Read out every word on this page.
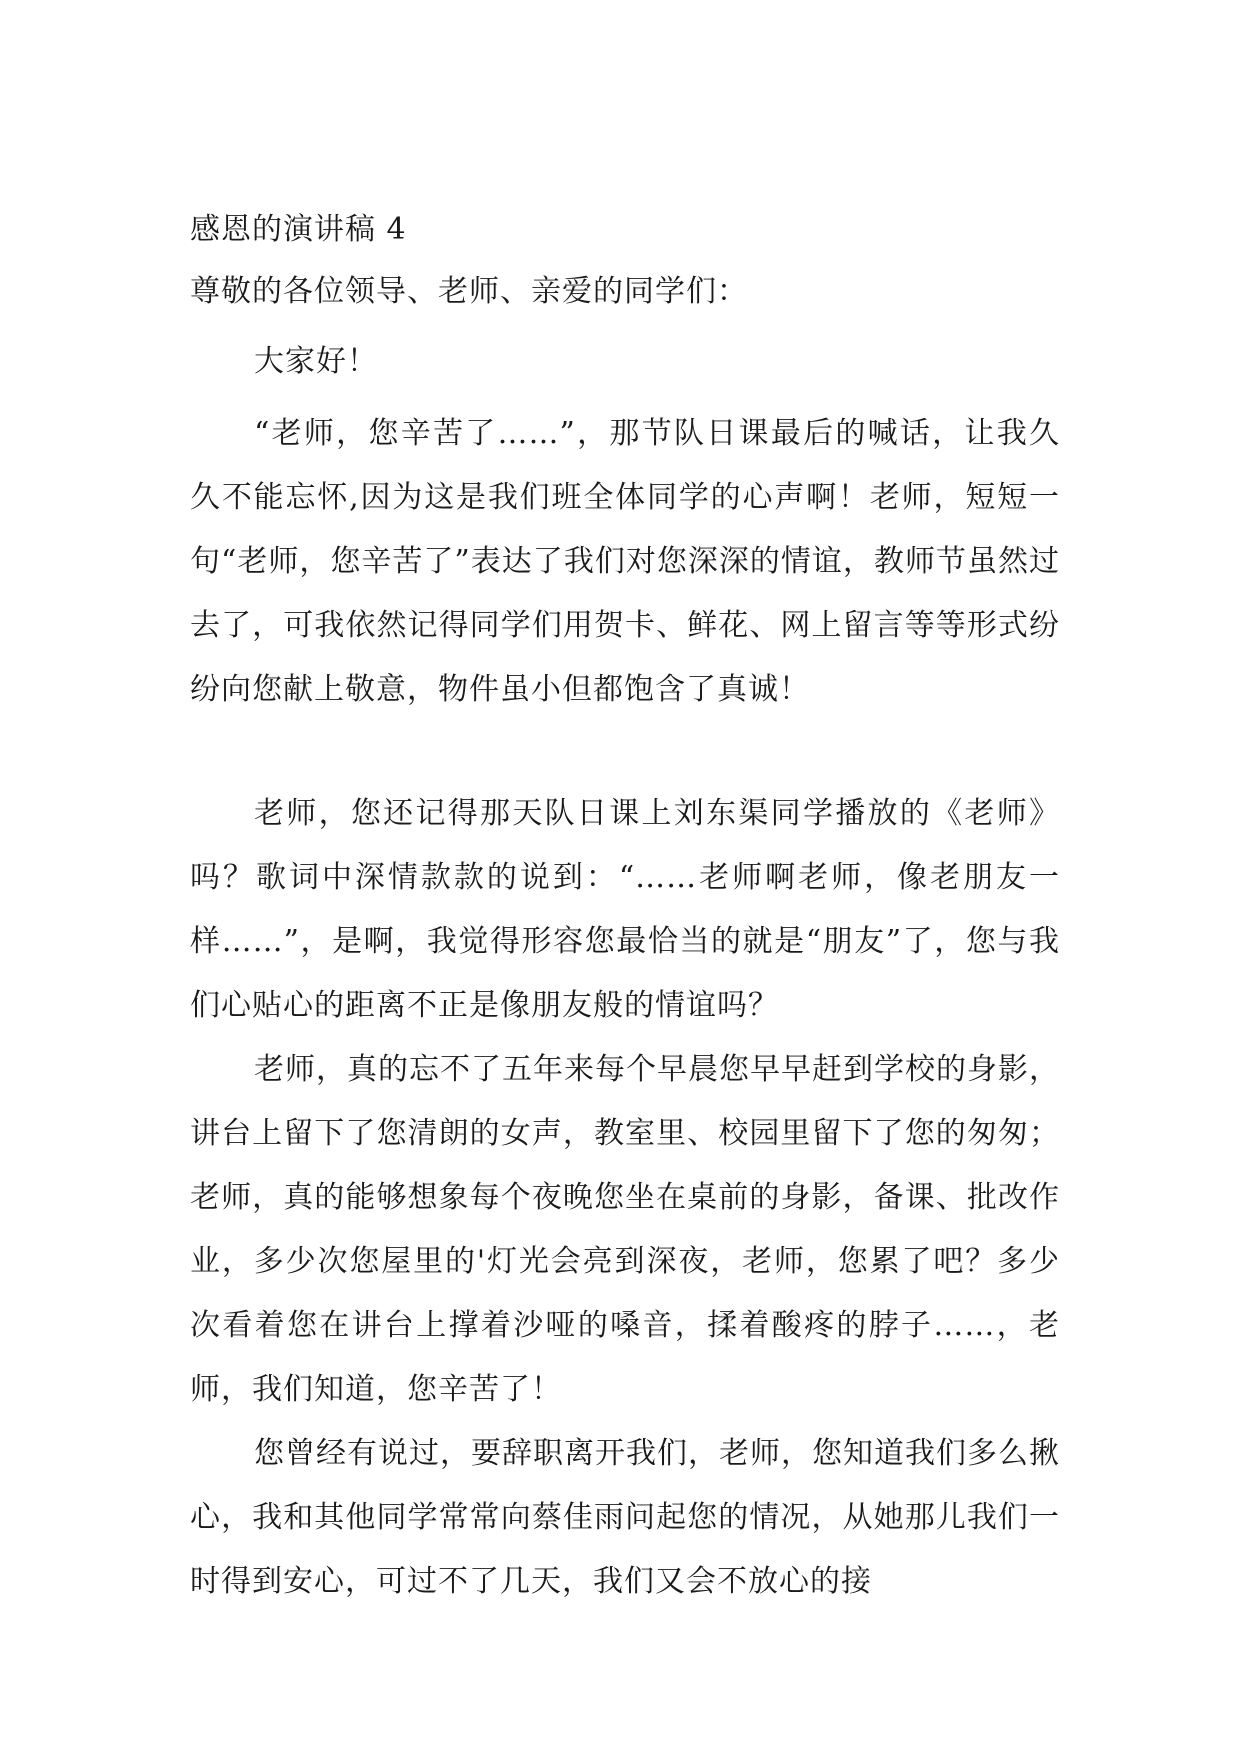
感恩的演讲稿 4
尊敬的各位领导、老师、亲爱的同学们：
大家好！

“老师，您辛苦了……”，那节队日课最后的喊话，让我久久不能忘怀,因为这是我们班全体同学的心声啊！老师，短短一句“老师，您辛苦了”表达了我们对您深深的情谊，教师节虽然过去了，可我依然记得同学们用贺卡、鲜花、网上留言等等形式纷纷向您献上敬意，物件虽小但都饱含了真诚！

老师，您还记得那天队日课上刘东渠同学播放的《老师》吗？歌词中深情款款的说到：“……老师啊老师，像老朋友一样……”，是啊，我觉得形容您最恰当的就是“朋友”了，您与我们心贴心的距离不正是像朋友般的情谊吗？

老师，真的忘不了五年来每个早晨您早早赶到学校的身影，讲台上留下了您清朗的女声，教室里、校园里留下了您的匆匆；老师，真的能够想象每个夜晚您坐在桌前的身影，备课、批改作业，多少次您屋里的'灯光会亮到深夜，老师，您累了吧？多少次看着您在讲台上撑着沙哑的嗓音，揉着酸疼的脖子……，老师，我们知道，您辛苦了！

您曾经有说过，要辞职离开我们，老师，您知道我们多么揪心，我和其他同学常常向蔡佳雨问起您的情况，从她那儿我们一时得到安心，可过不了几天，我们又会不放心的接
